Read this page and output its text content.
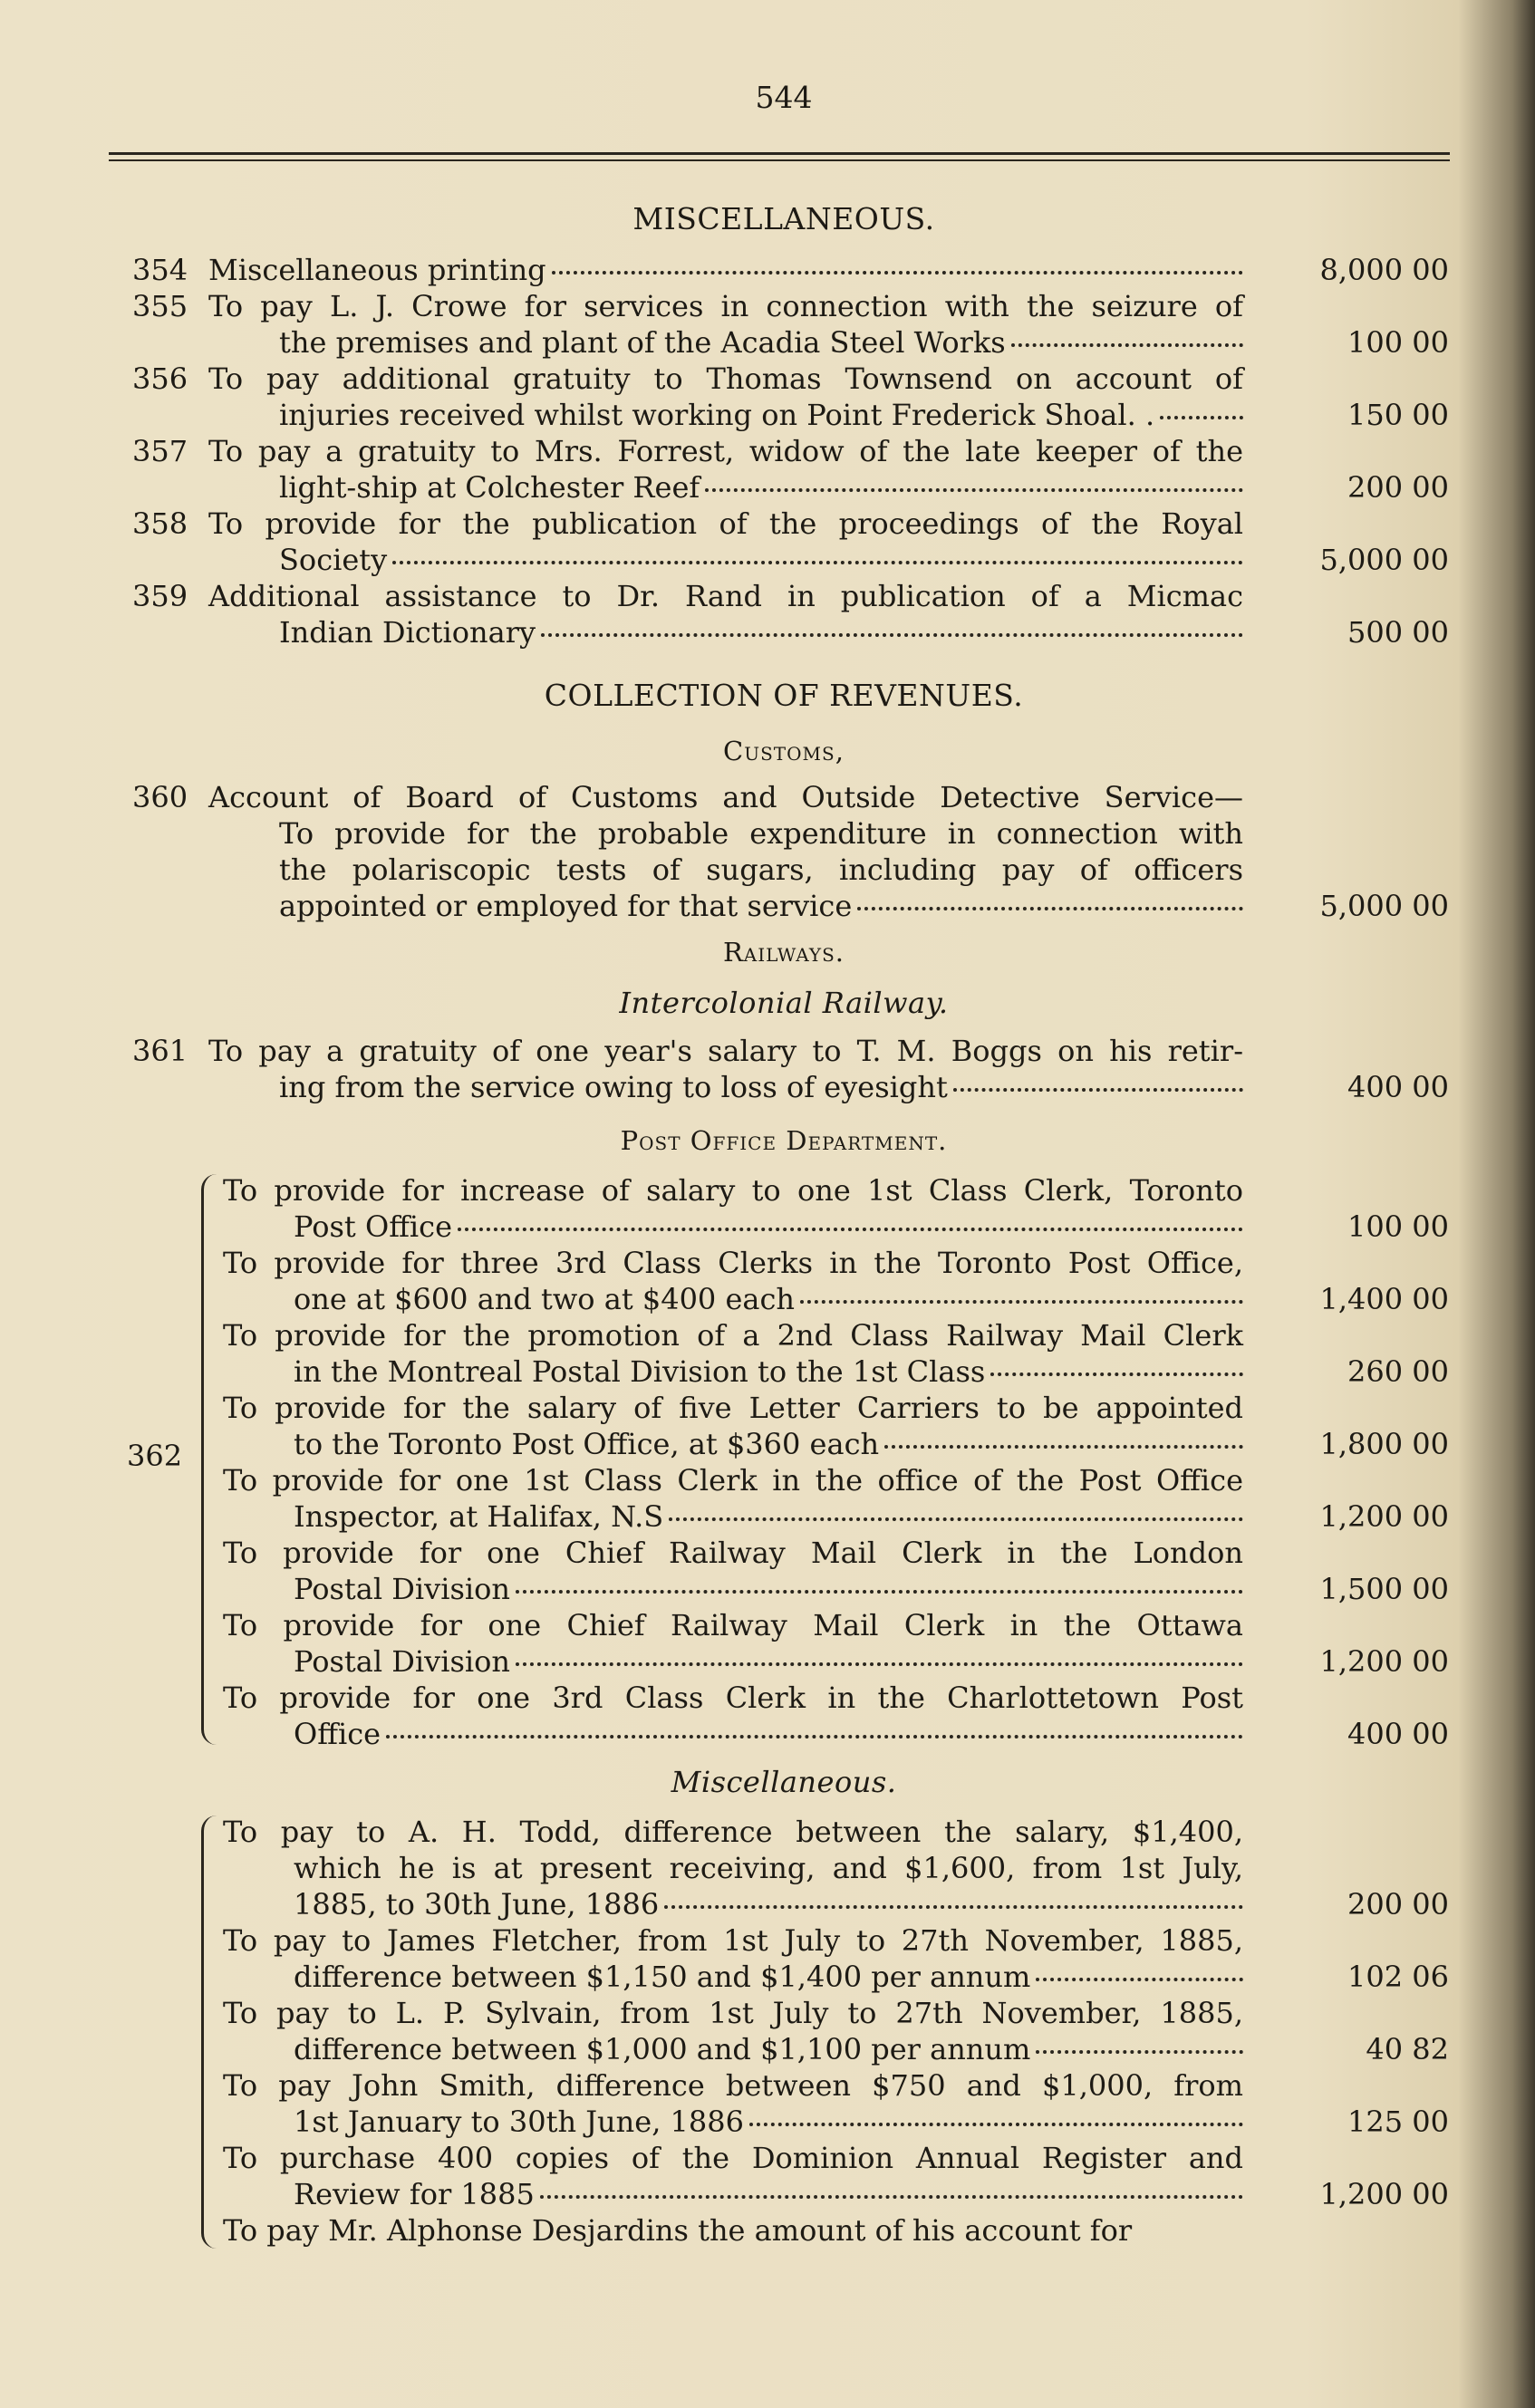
544
MISCELLANEOUS.
354 Miscellaneous printing	8,000 00
355 To pay L. J. Crowe for services in connection with the seizure of
the premises and plant of the Acadia Steel Works	100 00
356 To pay additional gratuity to Thomas Townsend on account of
injuries received whilst working on Point Frederick Shoal. .	150 00
357 To pay a gratuity to Mrs. Forrest, widow of the late keeper of the
light-ship at Colchester Reef	200 00
358 To provide for the publication of the proceedings of the Royal
Society	5,000 00
359 Additional assistance to Dr. Rand in publication of a Micmac
Indian Dictionary	500 00
COLLECTION OF REVENUES.
Customs,
360 Account of Board of Customs and Outside Detective Service—
To provide for the probable expenditure in connection with
the polariscopic tests of sugars, including pay of officers
appointed or employed for that service	5,000 00
Railways.
Intercolonial Railway.
361 To pay a gratuity of one year's salary to T. M. Boggs on his retir-
ing from the service owing to loss of eyesight	400 00
Post Office Department.
362
To provide for increase of salary to one 1st Class Clerk, Toronto
Post Office	100 00
To provide for three 3rd Class Clerks in the Toronto Post Office,
one at $600 and two at $400 each	1,400 00
To provide for the promotion of a 2nd Class Railway Mail Clerk
in the Montreal Postal Division to the 1st Class	260 00
To provide for the salary of five Letter Carriers to be appointed
to the Toronto Post Office, at $360 each	1,800 00
To provide for one 1st Class Clerk in the office of the Post Office
Inspector, at Halifax, N.S	1,200 00
To provide for one Chief Railway Mail Clerk in the London
Postal Division	1,500 00
To provide for one Chief Railway Mail Clerk in the Ottawa
Postal Division	1,200 00
To provide for one 3rd Class Clerk in the Charlottetown Post
Office	400 00
Miscellaneous.
To pay to A. H. Todd, difference between the salary, $1,400,
which he is at present receiving, and $1,600, from 1st July,
1885, to 30th June, 1886	200 00
To pay to James Fletcher, from 1st July to 27th November, 1885,
difference between $1,150 and $1,400 per annum	102 06
To pay to L. P. Sylvain, from 1st July to 27th November, 1885,
difference between $1,000 and $1,100 per annum	40 82
To pay John Smith, difference between $750 and $1,000, from
1st January to 30th June, 1886	125 00
To purchase 400 copies of the Dominion Annual Register and
Review for 1885	1,200 00
To pay Mr. Alphonse Desjardins the amount of his account for
